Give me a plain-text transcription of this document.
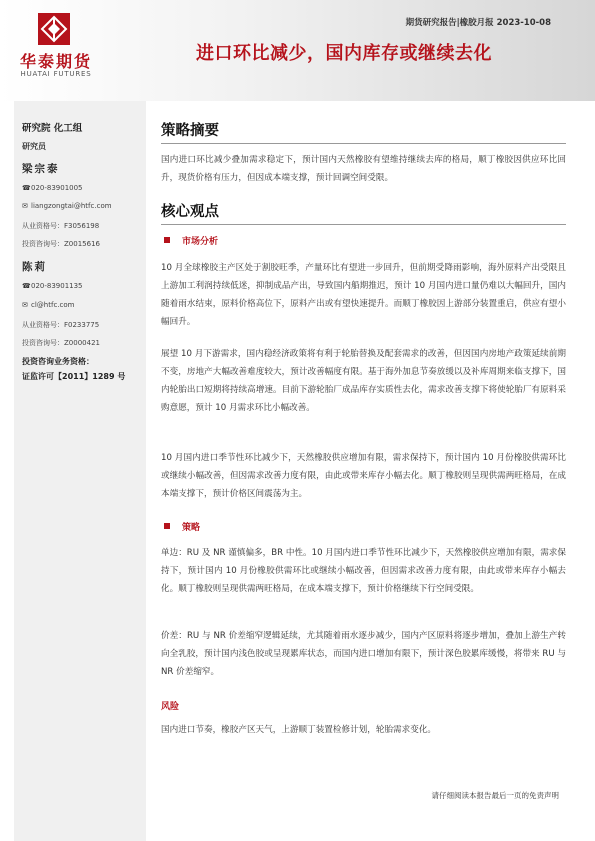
华泰期货
HUATAI FUTURES
期货研究报告|橡胶月报 2023-10-08
进口环比减少，国内库存或继续去化
研究院 化工组
研究员
梁宗泰
☎020-83901005
✉ liangzongtai@htfc.com
从业资格号：F3056198
投资咨询号：Z0015616
陈莉
☎020-83901135
✉ cl@htfc.com
从业资格号：F0233775
投资咨询号：Z0000421
投资咨询业务资格：
证监许可【2011】1289 号
策略摘要

国内进口环比减少叠加需求稳定下，预计国内天然橡胶有望维持继续去库的格局，顺丁橡胶因供应环比回升，现货价格有压力，但因成本端支撑，预计回调空间受限。

核心观点
市场分析

10 月全球橡胶主产区处于割胶旺季，产量环比有望进一步回升，但前期受降雨影响，海外原料产出受限且上游加工利润持续低迷，抑制成品产出，导致国内船期推迟，预计 10 月国内进口量仍难以大幅回升，国内随着雨水结束，原料价格高位下，原料产出或有望快速提升。而顺丁橡胶因上游部分装置重启，供应有望小幅回升。

展望 10 月下游需求，国内稳经济政策将有利于轮胎替换及配套需求的改善，但因国内房地产政策延续前期不变，房地产大幅改善难度较大，预计改善幅度有限。基于海外加息节奏放缓以及补库周期来临支撑下，国内轮胎出口短期将持续高增速。目前下游轮胎厂成品库存实质性去化，需求改善支撑下将使轮胎厂有原料采购意愿，预计 10 月需求环比小幅改善。

10 月国内进口季节性环比减少下，天然橡胶供应增加有限，需求保持下，预计国内 10 月份橡胶供需环比或继续小幅改善，但因需求改善力度有限，由此或带来库存小幅去化。顺丁橡胶则呈现供需两旺格局，在成本端支撑下，预计价格区间震荡为主。

策略

单边：RU 及 NR 谨慎偏多，BR 中性。10 月国内进口季节性环比减少下，天然橡胶供应增加有限，需求保持下，预计国内 10 月份橡胶供需环比或继续小幅改善，但因需求改善力度有限，由此或带来库存小幅去化。顺丁橡胶则呈现供需两旺格局，在成本端支撑下，预计价格继续下行空间受限。

价差：RU 与 NR 价差缩窄逻辑延续，尤其随着雨水逐步减少，国内产区原料将逐步增加，叠加上游生产转向全乳胶，预计国内浅色胶或呈现累库状态，而国内进口增加有限下，预计深色胶累库缓慢，将带来 RU 与 NR 价差缩窄。

风险

国内进口节奏，橡胶产区天气，上游顺丁装置检修计划，轮胎需求变化。

请仔细阅读本报告最后一页的免责声明
